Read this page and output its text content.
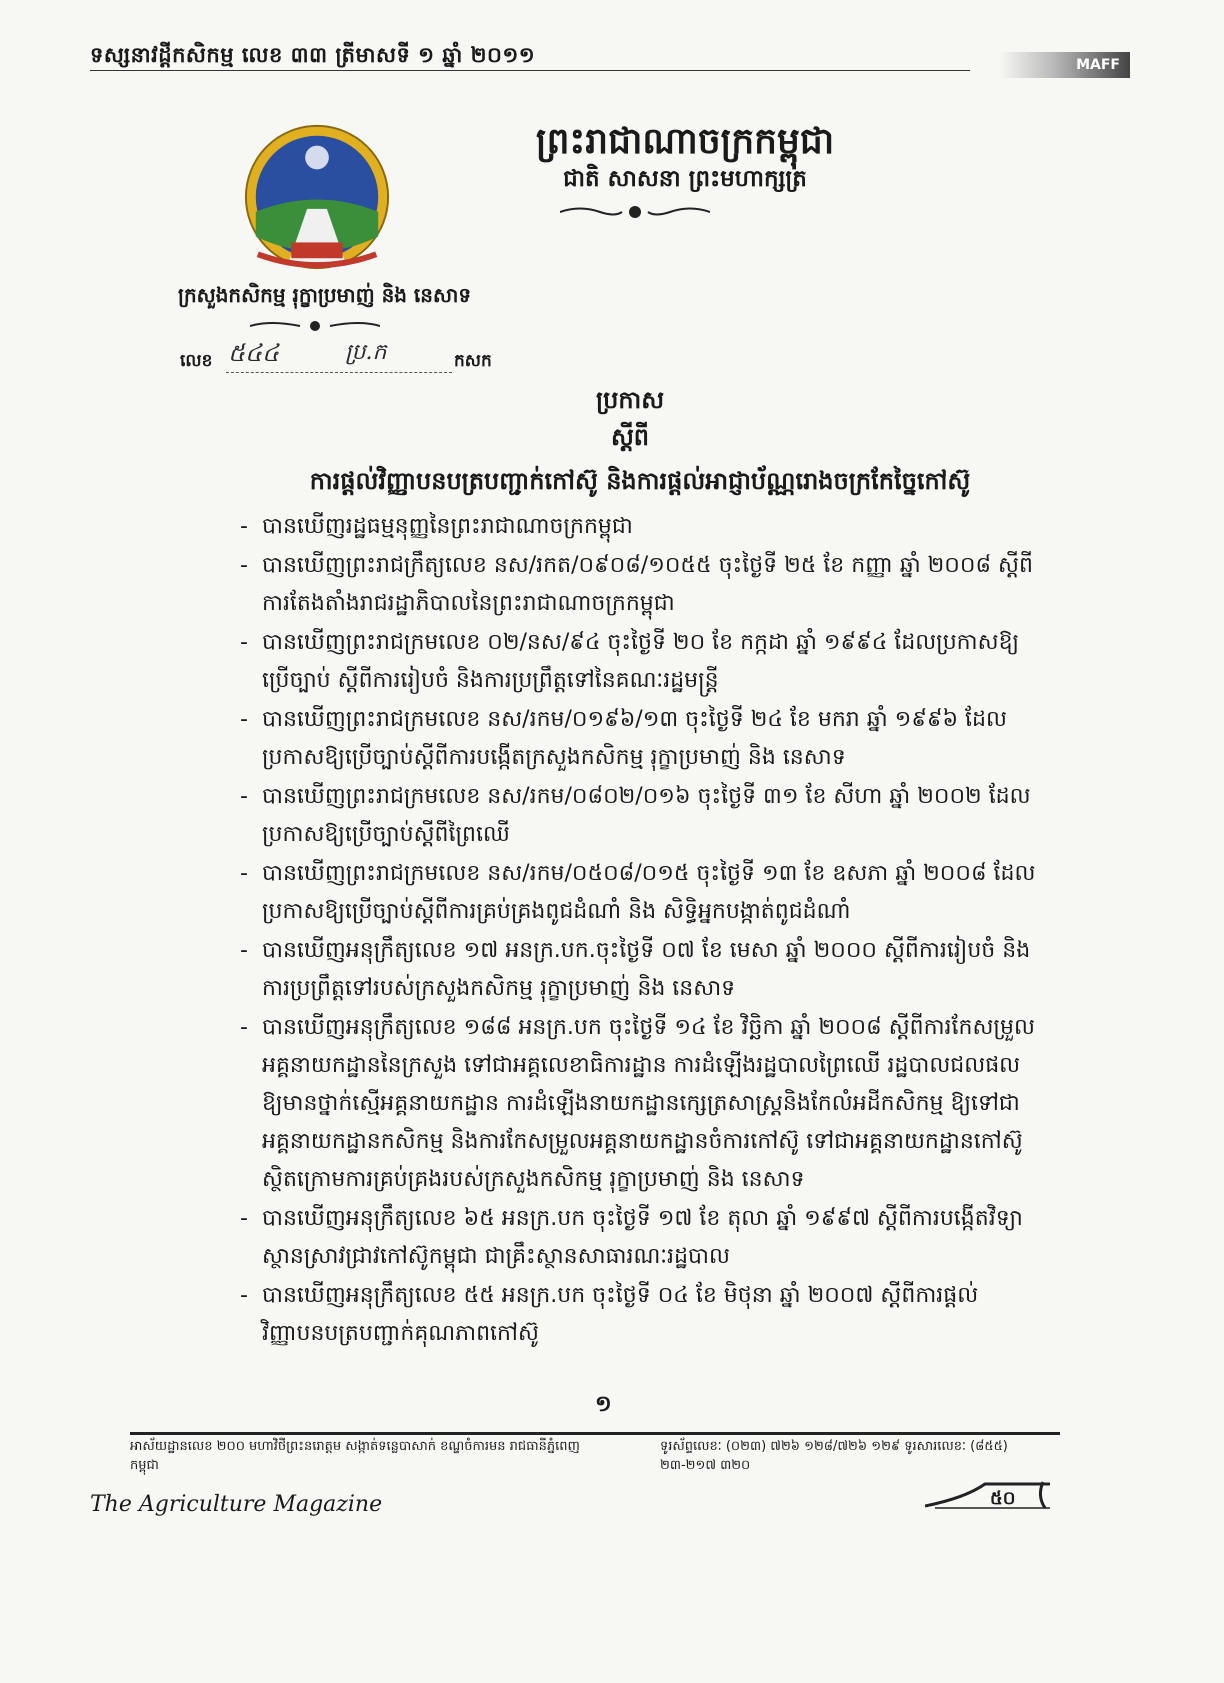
ទស្សនាវដ្ដីកសិកម្ម លេខ ៣៣ ត្រីមាសទី ១ ឆ្នាំ ២០១១	MAFF
ព្រះរាជាណាចក្រកម្ពុជា
ជាតិ សាសនា ព្រះមហាក្សត្រ
ក្រសួងកសិកម្ម រុក្ខាប្រមាញ់ និង នេសាទ
លេខ ៥៤៤	ប្រ.ក	កសក
ប្រកាស
ស្ដីពី
ការផ្ដល់វិញ្ញាបនបត្របញ្ជាក់កៅស៊ូ និងការផ្ដល់អាជ្ញាប័ណ្ណរោងចក្រកែច្នៃកៅស៊ូ
- បានឃើញរដ្ឋធម្មនុញ្ញនៃព្រះរាជាណាចក្រកម្ពុជា
- បានឃើញព្រះរាជក្រឹត្យលេខ នស/រកត/០៩០៨/១០៥៥ ចុះថ្ងៃទី ២៥ ខែ កញ្ញា ឆ្នាំ ២០០៨ ស្ដីពីការតែងតាំងរាជរដ្ឋាភិបាលនៃព្រះរាជាណាចក្រកម្ពុជា
- បានឃើញព្រះរាជក្រមលេខ ០២/នស/៩៤ ចុះថ្ងៃទី ២០ ខែ កក្កដា ឆ្នាំ ១៩៩៤ ដែលប្រកាសឱ្យប្រើច្បាប់ ស្ដីពីការរៀបចំ និងការប្រព្រឹត្តទៅនៃគណៈរដ្ឋមន្ត្រី
- បានឃើញព្រះរាជក្រមលេខ នស/រកម/០១៩៦/១៣ ចុះថ្ងៃទី ២៤ ខែ មករា ឆ្នាំ ១៩៩៦ ដែលប្រកាសឱ្យប្រើច្បាប់ស្ដីពីការបង្កើតក្រសួងកសិកម្ម រុក្ខាប្រមាញ់ និង នេសាទ
- បានឃើញព្រះរាជក្រមលេខ នស/រកម/០៨០២/០១៦ ចុះថ្ងៃទី ៣១ ខែ សីហា ឆ្នាំ ២០០២ ដែលប្រកាសឱ្យប្រើច្បាប់ស្ដីពីព្រៃឈើ
- បានឃើញព្រះរាជក្រមលេខ នស/រកម/០៥០៨/០១៥ ចុះថ្ងៃទី ១៣ ខែ ឧសភា ឆ្នាំ ២០០៨ ដែលប្រកាសឱ្យប្រើច្បាប់ស្ដីពីការគ្រប់គ្រងពូជដំណាំ និង សិទ្ធិអ្នកបង្កាត់ពូជដំណាំ
- បានឃើញអនុក្រឹត្យលេខ ១៧ អនក្រ.បក.ចុះថ្ងៃទី ០៧ ខែ មេសា ឆ្នាំ ២០០០ ស្ដីពីការរៀបចំ និង ការប្រព្រឹត្តទៅរបស់ក្រសួងកសិកម្ម រុក្ខាប្រមាញ់ និង នេសាទ
- បានឃើញអនុក្រឹត្យលេខ ១៨៨ អនក្រ.បក ចុះថ្ងៃទី ១៤ ខែ វិច្ឆិកា ឆ្នាំ ២០០៨ ស្ដីពីការកែសម្រួលអគ្គនាយកដ្ឋាននៃក្រសួង ទៅជាអគ្គលេខាធិការដ្ឋាន ការដំឡើងរដ្ឋបាលព្រៃឈើ រដ្ឋបាលជលផល ឱ្យមានថ្នាក់ស្មើអគ្គនាយកដ្ឋាន ការដំឡើងនាយកដ្ឋានក្សេត្រសាស្ត្រនិងកែលំអដីកសិកម្ម ឱ្យទៅជាអគ្គនាយកដ្ឋានកសិកម្ម និងការកែសម្រួលអគ្គនាយកដ្ឋានចំការកៅស៊ូ ទៅជាអគ្គនាយកដ្ឋានកៅស៊ូ ស្ថិតក្រោមការគ្រប់គ្រងរបស់ក្រសួងកសិកម្ម រុក្ខាប្រមាញ់ និង នេសាទ
- បានឃើញអនុក្រឹត្យលេខ ៦៥ អនក្រ.បក ចុះថ្ងៃទី ១៧ ខែ តុលា ឆ្នាំ ១៩៩៧ ស្ដីពីការបង្កើតវិទ្យាស្ថានស្រាវជ្រាវកៅស៊ូកម្ពុជា ជាគ្រឹះស្ថានសាធារណៈរដ្ឋបាល
- បានឃើញអនុក្រឹត្យលេខ ៥៥ អនក្រ.បក ចុះថ្ងៃទី ០៤ ខែ មិថុនា ឆ្នាំ ២០០៧ ស្ដីពីការផ្ដល់វិញ្ញាបនបត្របញ្ជាក់គុណភាពកៅស៊ូ
១
អាស័យដ្ឋានលេខ ២០០ មហាវិថីព្រះនរោត្តម សង្កាត់ទន្លេបាសាក់ ខណ្ឌចំការមន រាជធានីភ្នំពេញ កម្ពុជា
ទូរស័ព្ទលេខៈ (០២៣) ៧២៦ ១២៨/៧២៦ ១២៩ ទូរសារលេខៈ (៨៥៥) ២៣-២១៧ ៣២០
The Agriculture Magazine	៥០
